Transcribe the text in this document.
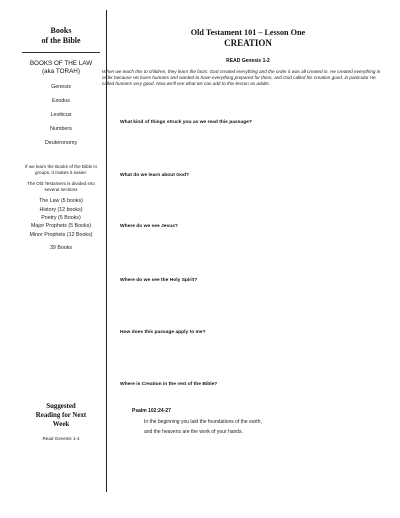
Books
of the Bible
BOOKS OF THE LAW
(aka TORAH)
Genesis
Exodus
Leviticus
Numbers
Deuteronomy
If we learn the Books of the Bible in groups, it makes it easier.
The Old Testament is divided into several sections
The Law (5 books)
History (12 books)
Poetry (5 Books)
Major Prophets (5 Books)
Minor Prophets (12 Books)
39 Books
Suggested
Reading for Next
Week
Read Genesis 1-4
Old Testament 101 – Lesson One
CREATION
READ Genesis 1-2
When we teach this to children, they learn the facts: God created everything and the order it was all created in. He created everything in order because He loves humans and wanted to have everything prepared for them, and God called his creation good, in particular He called humans very good. Now we'll see what we can add to this lesson as adults.
What kind of things struck you as we read this passage?
What do we learn about God?
Where do we see Jesus?
Where do we see the Holy Spirit?
How does this passage apply to me?
Where is Creation in the rest of the Bible?
Psalm 102:24-27
In the beginning you laid the foundations of the earth,
and the heavens are the work of your hands.
